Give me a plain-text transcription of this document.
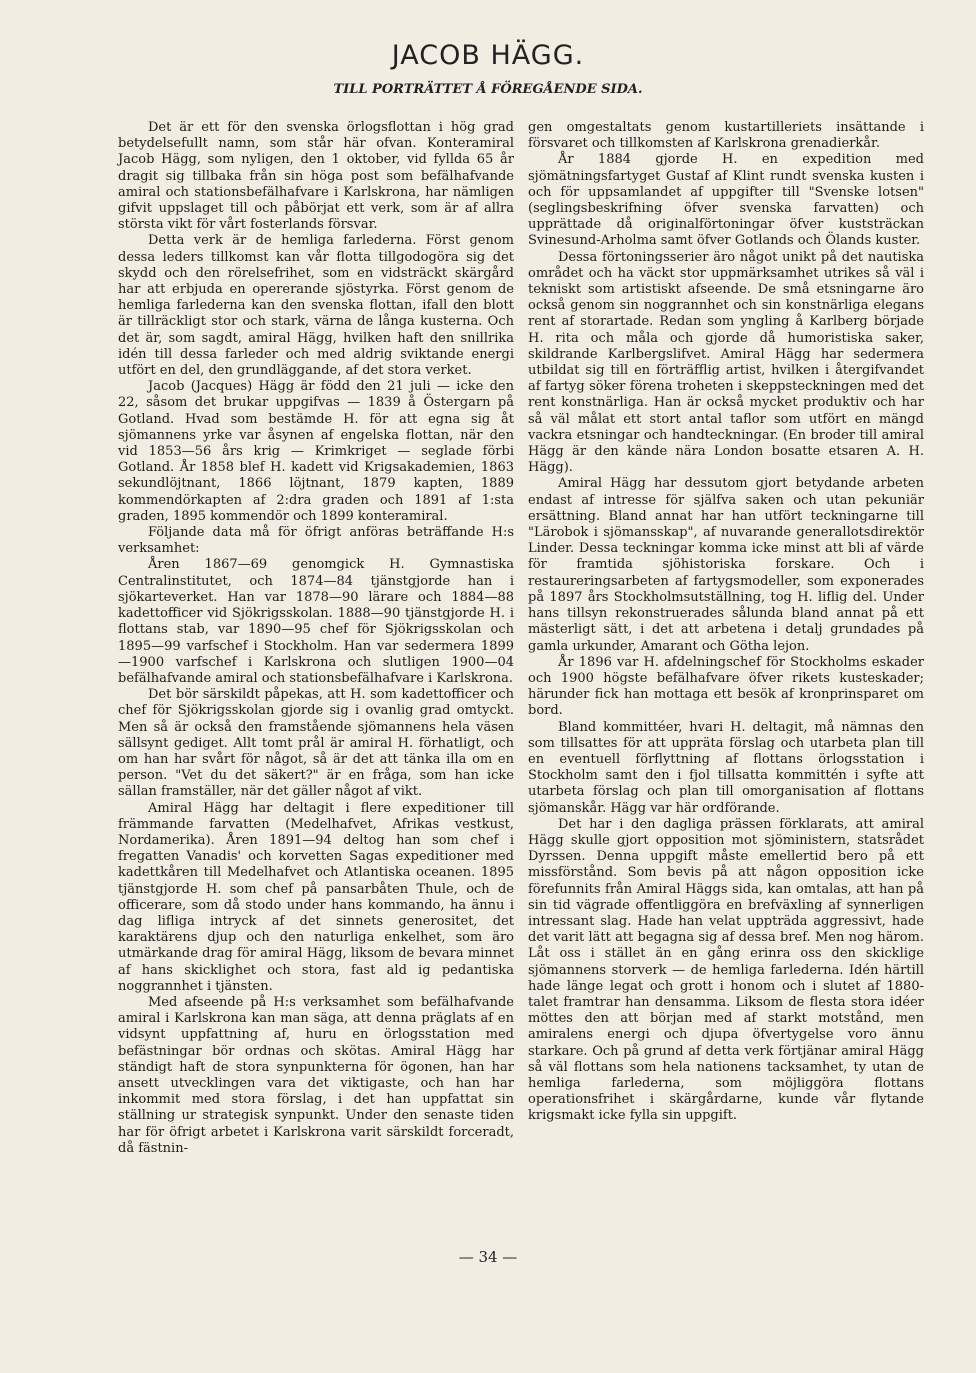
JACOB HÄGG.
TILL PORTRÄTTET Å FÖREGÅENDE SIDA.

Det är ett för den svenska örlogsflottan i hög grad betydelsefullt namn, som står här ofvan. Konteramiral Jacob Hägg, som nyligen, den 1 oktober, vid fyllda 65 år dragit sig tillbaka från sin höga post som befälhafvande amiral och stationsbefälhafvare i Karlskrona, har nämligen gifvit uppslaget till och påbörjat ett verk, som är af allra största vikt för vårt fosterlands försvar.

Detta verk är de hemliga farlederna. Först genom dessa leders tillkomst kan vår flotta tillgodogöra sig det skydd och den rörelsefrihet, som en vidsträckt skärgård har att erbjuda en opererande sjöstyrka. Först genom de hemliga farlederna kan den svenska flottan, ifall den blott är tillräckligt stor och stark, värna de långa kusterna. Och det är, som sagdt, amiral Hägg, hvilken haft den snillrika idén till dessa farleder och med aldrig sviktande energi utfört en del, den grundläggande, af det stora verket.

Jacob (Jacques) Hägg är född den 21 juli — icke den 22, såsom det brukar uppgifvas — 1839 å Östergarn på Gotland. Hvad som bestämde H. för att egna sig åt sjömannens yrke var åsynen af engelska flottan, när den vid 1853—56 års krig — Krimkriget — seglade förbi Gotland. År 1858 blef H. kadett vid Krigsakademien, 1863 sekundlöjtnant, 1866 löjtnant, 1879 kapten, 1889 kommendörkapten af 2:dra graden och 1891 af 1:sta graden, 1895 kommendör och 1899 konteramiral.

Följande data må för öfrigt anföras beträffande H:s verksamhet:

Åren 1867—69 genomgick H. Gymnastiska Centralinstitutet, och 1874—84 tjänstgjorde han i sjökarteverket. Han var 1878—90 lärare och 1884—88 kadettofficer vid Sjökrigsskolan. 1888—90 tjänstgjorde H. i flottans stab, var 1890—95 chef för Sjökrigsskolan och 1895—99 varfschef i Stockholm. Han var sedermera 1899—1900 varfschef i Karlskrona och slutligen 1900—04 befälhafvande amiral och stationsbefälhafvare i Karlskrona.

Det bör särskildt påpekas, att H. som kadettofficer och chef för Sjökrigsskolan gjorde sig i ovanlig grad omtyckt. Men så är också den framstående sjömannens hela väsen sällsynt gediget. Allt tomt prål är amiral H. förhatligt, och om han har svårt för något, så är det att tänka illa om en person. "Vet du det säkert?" är en fråga, som han icke sällan framställer, när det gäller något af vikt.

Amiral Hägg har deltagit i flere expeditioner till främmande farvatten (Medelhafvet, Afrikas vestkust, Nordamerika). Åren 1891—94 deltog han som chef i fregatten Vanadis' och korvetten Sagas expeditioner med kadettkåren till Medelhafvet och Atlantiska oceanen. 1895 tjänstgjorde H. som chef på pansarbåten Thule, och de officerare, som då stodo under hans kommando, ha ännu i dag lifliga intryck af det sinnets generositet, det karaktärens djup och den naturliga enkelhet, som äro utmärkande drag för amiral Hägg, liksom de bevara minnet af hans skicklighet och stora, fast ald ig pedantiska noggrannhet i tjänsten.

Med afseende på H:s verksamhet som befälhafvande amiral i Karlskrona kan man säga, att denna präglats af en vidsynt uppfattning af, huru en örlogsstation med befästningar bör ordnas och skötas. Amiral Hägg har ständigt haft de stora synpunkterna för ögonen, han har ansett utvecklingen vara det viktigaste, och han har inkommit med stora förslag, i det han uppfattat sin ställning ur strategisk synpunkt. Under den senaste tiden har för öfrigt arbetet i Karlskrona varit särskildt forceradt, då fästnin-

gen omgestaltats genom kustartilleriets insättande i försvaret och tillkomsten af Karlskrona grenadierkår.

År 1884 gjorde H. en expedition med sjömätningsfartyget Gustaf af Klint rundt svenska kusten i och för uppsamlandet af uppgifter till "Svenske lotsen" (seglingsbeskrifning öfver svenska farvatten) och upprättade då originalförtoningar öfver kuststräckan Svinesund-Arholma samt öfver Gotlands och Ölands kuster.

Dessa förtoningsserier äro något unikt på det nautiska området och ha väckt stor uppmärksamhet utrikes så väl i tekniskt som artistiskt afseende. De små etsningarne äro också genom sin noggrannhet och sin konstnärliga elegans rent af storartade. Redan som yngling å Karlberg började H. rita och måla och gjorde då humoristiska saker, skildrande Karlbergslifvet. Amiral Hägg har sedermera utbildat sig till en förträfflig artist, hvilken i återgifvandet af fartyg söker förena troheten i skeppsteckningen med det rent konstnärliga. Han är också mycket produktiv och har så väl målat ett stort antal taflor som utfört en mängd vackra etsningar och handteckningar. (En broder till amiral Hägg är den kände nära London bosatte etsaren A. H. Hägg).

Amiral Hägg har dessutom gjort betydande arbeten endast af intresse för själfva saken och utan pekuniär ersättning. Bland annat har han utfört teckningarne till "Lärobok i sjömansskap", af nuvarande generallotsdirektör Linder. Dessa teckningar komma icke minst att bli af värde för framtida sjöhistoriska forskare. Och i restaureringsarbeten af fartygsmodeller, som exponerades på 1897 års Stockholmsutställning, tog H. liflig del. Under hans tillsyn rekonstruerades sålunda bland annat på ett mästerligt sätt, i det att arbetena i detalj grundades på gamla urkunder, Amarant och Götha lejon.

År 1896 var H. afdelningschef för Stockholms eskader och 1900 högste befälhafvare öfver rikets kusteskader; härunder fick han mottaga ett besök af kronprinsparet om bord.

Bland kommittéer, hvari H. deltagit, må nämnas den som tillsattes för att uppräta förslag och utarbeta plan till en eventuell förflyttning af flottans örlogsstation i Stockholm samt den i fjol tillsatta kommittén i syfte att utarbeta förslag och plan till omorganisation af flottans sjömanskår. Hägg var här ordförande.

Det har i den dagliga prässen förklarats, att amiral Hägg skulle gjort opposition mot sjöministern, statsrådet Dyrssen. Denna uppgift måste emellertid bero på ett missförstånd. Som bevis på att någon opposition icke förefunnits från Amiral Häggs sida, kan omtalas, att han på sin tid vägrade offentliggöra en brefväxling af synnerligen intressant slag. Hade han velat uppträda aggressivt, hade det varit lätt att begagna sig af dessa bref. Men nog härom. Låt oss i stället än en gång erinra oss den skicklige sjömannens storverk — de hemliga farlederna. Idén härtill hade länge legat och grott i honom och i slutet af 1880-talet framtrar han densamma. Liksom de flesta stora idéer möttes den att början med af starkt motstånd, men amiralens energi och djupa öfvertygelse voro ännu starkare. Och på grund af detta verk förtjänar amiral Hägg så väl flottans som hela nationens tacksamhet, ty utan de hemliga farlederna, som möjliggöra flottans operationsfrihet i skärgårdarne, kunde vår flytande krigsmakt icke fylla sin uppgift.

— 34 —
